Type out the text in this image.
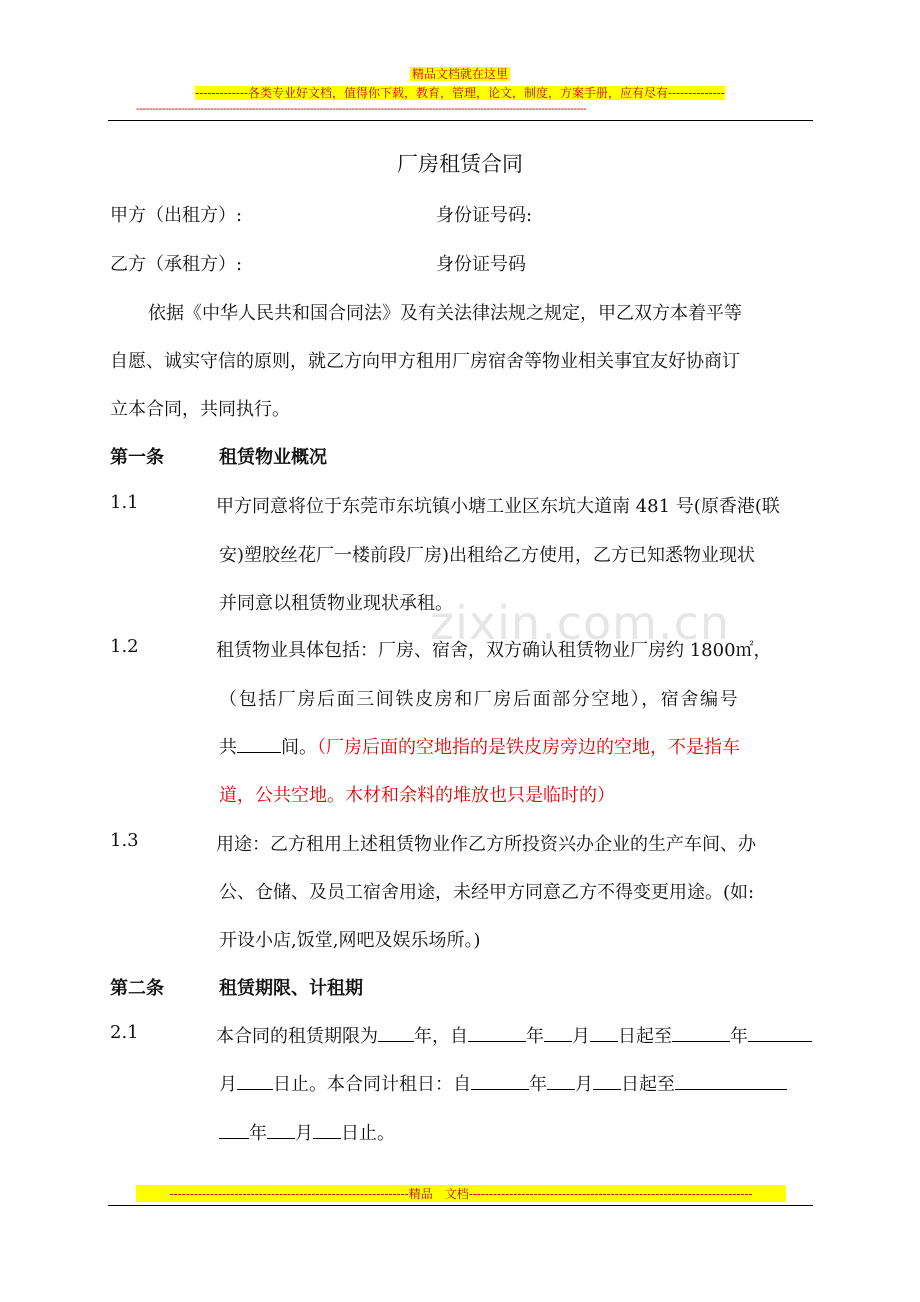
精品文档就在这里
-------------各类专业好文档，值得你下载，教育，管理，论文，制度，方案手册，应有尽有--------------
--------------------------------------------------------------------------------------------------------------------------------------------
zixin.com.cn
厂房租赁合同
甲方（出租方）:	身份证号码:
乙方（承租方）:	身份证号码
依据《中华人民共和国合同法》及有关法律法规之规定，甲乙双方本着平等
自愿、诚实守信的原则，就乙方向甲方租用厂房宿舍等物业相关事宜友好协商订
立本合同，共同执行。
第一条	租赁物业概况
1.1	甲方同意将位于东莞市东坑镇小塘工业区东坑大道南 481 号(原香港(联
安)塑胶丝花厂一楼前段厂房)出租给乙方使用，乙方已知悉物业现状
并同意以租赁物业现状承租。
1.2	租赁物业具体包括：厂房、宿舍，双方确认租赁物业厂房约 1800㎡，
（包括厂房后面三间铁皮房和厂房后面部分空地），宿舍编号
共 间。（厂房后面的空地指的是铁皮房旁边的空地，不是指车
道，公共空地。木材和余料的堆放也只是临时的）
1.3	用途：乙方租用上述租赁物业作乙方所投资兴办企业的生产车间、办
公、仓储、及员工宿舍用途，未经甲方同意乙方不得变更用途。(如:
开设小店,饭堂,网吧及娱乐场所。)
第二条	租赁期限、计租期
2.1	本合同的租赁期限为 年，自	年 月 日起至	年
月 日止。本合同计租日：自	年 月 日起至
年 月 日止。
-----------------------------------------------------------精品　文档----------------------------------------------------------------------
